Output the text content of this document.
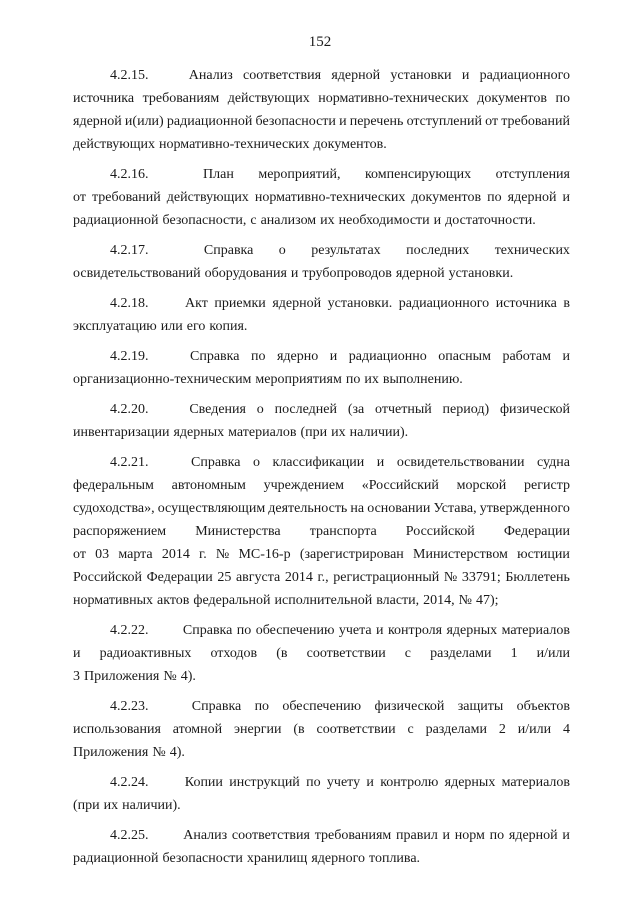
152
4.2.15.	Анализ соответствия ядерной установки и радиационного
источника требованиям действующих нормативно-технических документов по
ядерной и(или) радиационной безопасности и перечень отступлений от требований
действующих нормативно-технических документов.
4.2.16.	План мероприятий, компенсирующих отступления
от требований действующих нормативно-технических документов по ядерной и
радиационной безопасности, с анализом их необходимости и достаточности.
4.2.17.	Справка о результатах последних технических
освидетельствований оборудования и трубопроводов ядерной установки.
4.2.18.	Акт приемки ядерной установки. радиационного источника в
эксплуатацию или его копия.
4.2.19.	Справка по ядерно и радиационно опасным работам и
организационно-техническим мероприятиям по их выполнению.
4.2.20.	Сведения о последней (за отчетный период) физической
инвентаризации ядерных материалов (при их наличии).
4.2.21.	Справка о классификации и освидетельствовании судна
федеральным автономным учреждением «Российский морской регистр
судоходства», осуществляющим деятельность на основании Устава, утвержденного
распоряжением Министерства транспорта Российской Федерации
от 03 марта 2014 г. № МС-16-р (зарегистрирован Министерством юстиции
Российской Федерации 25 августа 2014 г., регистрационный № 33791; Бюллетень
нормативных актов федеральной исполнительной власти, 2014, № 47);
4.2.22. Справка по обеспечению учета и контроля ядерных материалов
и радиоактивных отходов (в соответствии с разделами 1 и/или
3 Приложения № 4).
4.2.23.	Справка по обеспечению физической защиты объектов
использования атомной энергии (в соответствии с разделами 2 и/или 4
Приложения № 4).
4.2.24.	Копии инструкций по учету и контролю ядерных материалов
(при их наличии).
4.2.25. Анализ соответствия требованиям правил и норм по ядерной и
радиационной безопасности хранилищ ядерного топлива.
